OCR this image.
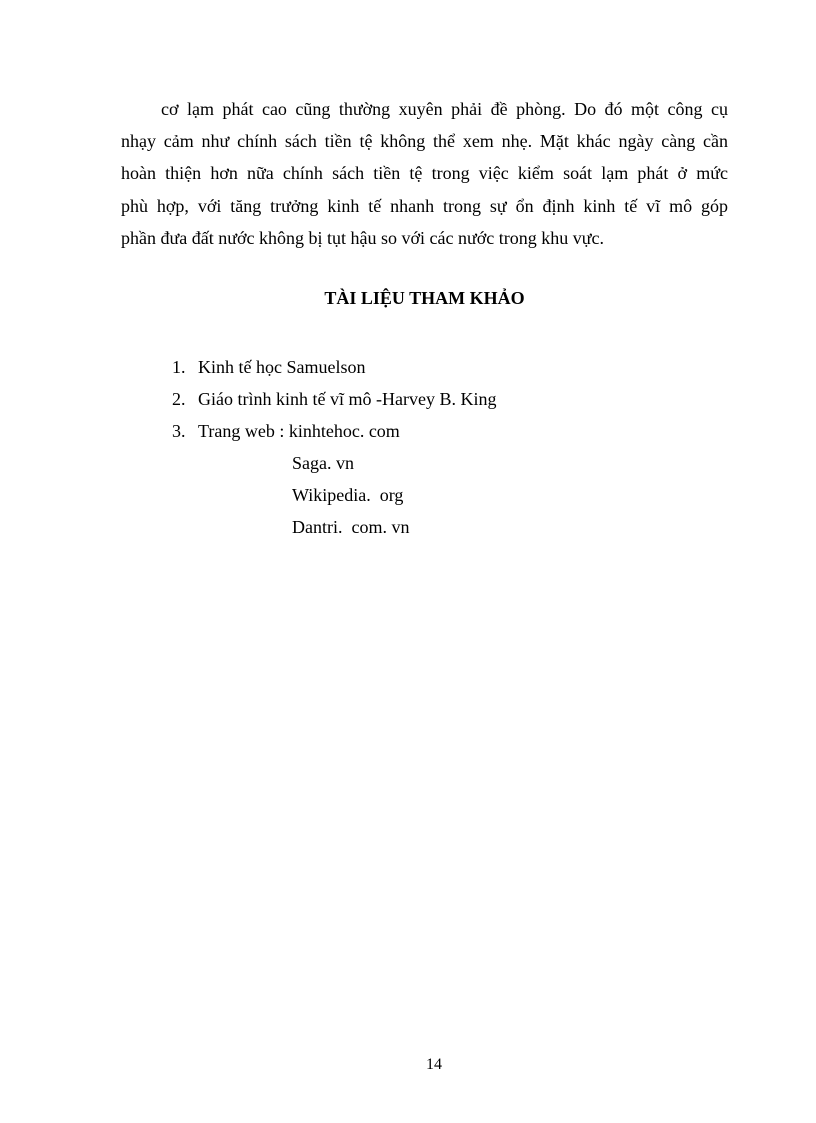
cơ lạm phát cao cũng thường xuyên phải đề phòng. Do đó một công cụ
nhạy cảm như chính sách tiền tệ không thể xem nhẹ. Mặt khác ngày càng cần
hoàn thiện hơn nữa chính sách tiền tệ trong việc kiểm soát lạm phát ở mức
phù hợp, với tăng trưởng kinh tế nhanh trong sự ổn định kinh tế vĩ mô góp
phần đưa đất nước không bị tụt hậu so với các nước trong khu vực.

TÀI LIỆU THAM KHẢO
1. Kinh tế học Samuelson
2. Giáo trình kinh tế vĩ mô -Harvey B. King
3. Trang web : kinhtehoc. com
Saga. vn
Wikipedia.  org
Dantri.  com. vn
14
